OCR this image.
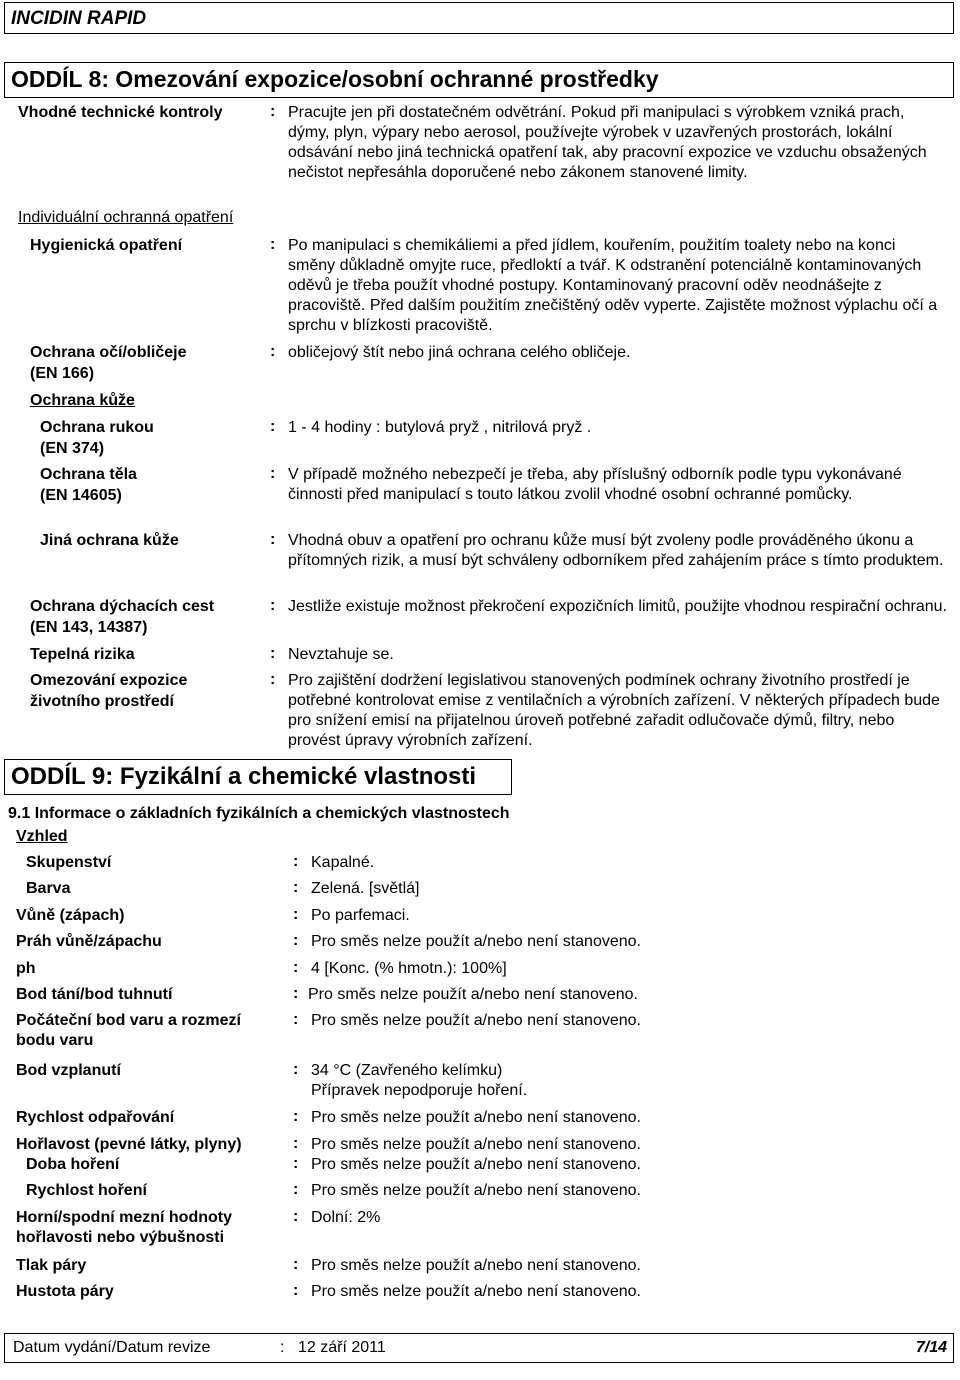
INCIDIN RAPID
ODDÍL 8: Omezování expozice/osobní ochranné prostředky
Vhodné technické kontroly	: Pracujte jen při dostatečném odvětrání. Pokud při manipulaci s výrobkem vzniká prach, dýmy, plyn, výpary nebo aerosol, používejte výrobek v uzavřených prostorách, lokální odsávání nebo jiná technická opatření tak, aby pracovní expozice ve vzduchu obsažených nečistot nepřesáhla doporučené nebo zákonem stanovené limity.
Individuální ochranná opatření
Hygienická opatření	: Po manipulaci s chemikáliemi a před jídlem, kouřením, použitím toalety nebo na konci směny důkladně omyjte ruce, předloktí a tvář. K odstranění potenciálně kontaminovaných oděvů je třeba použít vhodné postupy. Kontaminovaný pracovní oděv neodnášejte z pracoviště. Před dalším použitím znečištěný oděv vyperte. Zajistěte možnost výplachu očí a sprchu v blízkosti pracoviště.
Ochrana očí/obličeje
(EN 166)
: obličejový štít nebo jiná ochrana celého obličeje.
Ochrana kůže
Ochrana rukou
(EN 374)
: 1 - 4 hodiny : butylová pryž , nitrilová pryž .
Ochrana těla
(EN 14605)
: V případě možného nebezpečí je třeba, aby příslušný odborník podle typu vykonávané činnosti před manipulací s touto látkou zvolil vhodné osobní ochranné pomůcky.
Jiná ochrana kůže	: Vhodná obuv a opatření pro ochranu kůže musí být zvoleny podle prováděného úkonu a přítomných rizik, a musí být schváleny odborníkem před zahájením práce s tímto produktem.
Ochrana dýchacích cest
(EN 143, 14387)
: Jestliže existuje možnost překročení expozičních limitů, použijte vhodnou respirační ochranu.
Tepelná rizika	: Nevztahuje se.
Omezování expozice
životního prostředí
: Pro zajištění dodržení legislativou stanovených podmínek ochrany životního prostředí je potřebné kontrolovat emise z ventilačních a výrobních zařízení. V některých případech bude pro snížení emisí na přijatelnou úroveň potřebné zařadit odlučovače dýmů, filtry, nebo provést úpravy výrobních zařízení.
ODDÍL 9: Fyzikální a chemické vlastnosti
9.1 Informace o základních fyzikálních a chemických vlastnostech
Vzhled
Skupenství	: Kapalné.
Barva	: Zelená. [světlá]
Vůně (zápach)	: Po parfemaci.
Práh vůně/zápachu	: Pro směs nelze použít a/nebo není stanoveno.
ph	: 4 [Konc. (% hmotn.): 100%]
Bod tání/bod tuhnutí	: Pro směs nelze použít a/nebo není stanoveno.
Počáteční bod varu a rozmezí
bodu varu
: Pro směs nelze použít a/nebo není stanoveno.
Bod vzplanutí	: 34 °C (Zavřeného kelímku)
Přípravek nepodporuje hoření.
Rychlost odpařování	: Pro směs nelze použít a/nebo není stanoveno.
Hořlavost (pevné látky, plyny)	: Pro směs nelze použít a/nebo není stanoveno.
Doba hoření	: Pro směs nelze použít a/nebo není stanoveno.
Rychlost hoření	: Pro směs nelze použít a/nebo není stanoveno.
Horní/spodní mezní hodnoty
hořlavosti nebo výbušnosti
: Dolní: 2%
Tlak páry	: Pro směs nelze použít a/nebo není stanoveno.
Hustota páry	: Pro směs nelze použít a/nebo není stanoveno.
Datum vydání/Datum revize	: 12 září 2011	7/14
